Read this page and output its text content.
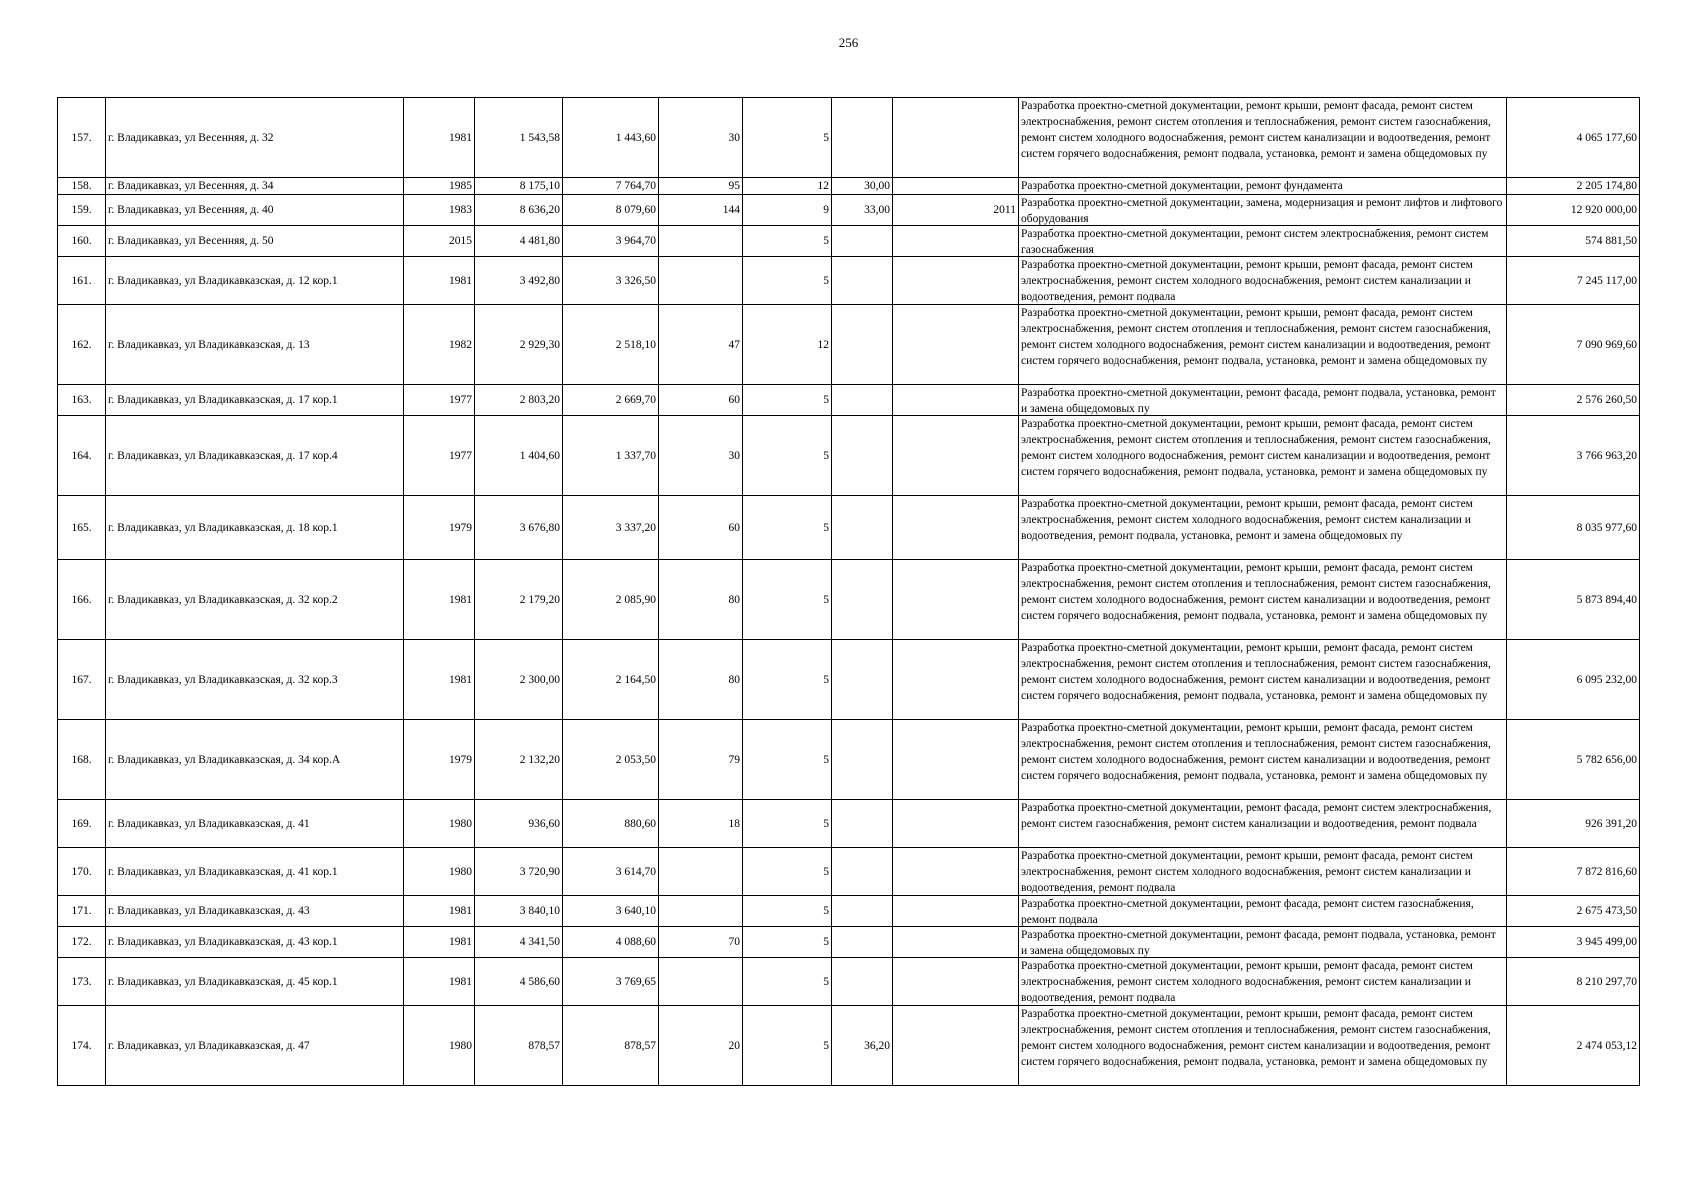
256
157.	г. Владикавказ, ул Весенняя, д. 32	1981	1 543,58	1 443,60	30	5			Разработка проектно-сметной документации, ремонт крыши, ремонт фасада, ремонт систем электроснабжения, ремонт систем отопления и теплоснабжения, ремонт систем газоснабжения, ремонт систем холодного водоснабжения, ремонт систем канализации и водоотведения, ремонт систем горячего водоснабжения, ремонт подвала, установка, ремонт и замена общедомовых пу	4 065 177,60
158.	г. Владикавказ, ул Весенняя, д. 34	1985	8 175,10	7 764,70	95	12	30,00		Разработка проектно-сметной документации, ремонт фундамента	2 205 174,80
159.	г. Владикавказ, ул Весенняя, д. 40	1983	8 636,20	8 079,60	144	9	33,00	2011	Разработка проектно-сметной документации, замена, модернизация и ремонт лифтов и лифтового оборудования	12 920 000,00
160.	г. Владикавказ, ул Весенняя, д. 50	2015	4 481,80	3 964,70		5			Разработка проектно-сметной документации, ремонт систем электроснабжения, ремонт систем газоснабжения	574 881,50
161.	г. Владикавказ, ул Владикавказская, д. 12 кор.1	1981	3 492,80	3 326,50		5			Разработка проектно-сметной документации, ремонт крыши, ремонт фасада, ремонт систем электроснабжения, ремонт систем холодного водоснабжения, ремонт систем канализации и водоотведения, ремонт подвала	7 245 117,00
162.	г. Владикавказ, ул Владикавказская, д. 13	1982	2 929,30	2 518,10	47	12			Разработка проектно-сметной документации, ремонт крыши, ремонт фасада, ремонт систем электроснабжения, ремонт систем отопления и теплоснабжения, ремонт систем газоснабжения, ремонт систем холодного водоснабжения, ремонт систем канализации и водоотведения, ремонт систем горячего водоснабжения, ремонт подвала, установка, ремонт и замена общедомовых пу	7 090 969,60
163.	г. Владикавказ, ул Владикавказская, д. 17 кор.1	1977	2 803,20	2 669,70	60	5			Разработка проектно-сметной документации, ремонт фасада, ремонт подвала, установка, ремонт и замена общедомовых пу	2 576 260,50
164.	г. Владикавказ, ул Владикавказская, д. 17 кор.4	1977	1 404,60	1 337,70	30	5			Разработка проектно-сметной документации, ремонт крыши, ремонт фасада, ремонт систем электроснабжения, ремонт систем отопления и теплоснабжения, ремонт систем газоснабжения, ремонт систем холодного водоснабжения, ремонт систем канализации и водоотведения, ремонт систем горячего водоснабжения, ремонт подвала, установка, ремонт и замена общедомовых пу	3 766 963,20
165.	г. Владикавказ, ул Владикавказская, д. 18 кор.1	1979	3 676,80	3 337,20	60	5			Разработка проектно-сметной документации, ремонт крыши, ремонт фасада, ремонт систем электроснабжения, ремонт систем холодного водоснабжения, ремонт систем канализации и водоотведения, ремонт подвала, установка, ремонт и замена общедомовых пу	8 035 977,60
166.	г. Владикавказ, ул Владикавказская, д. 32 кор.2	1981	2 179,20	2 085,90	80	5			Разработка проектно-сметной документации, ремонт крыши, ремонт фасада, ремонт систем электроснабжения, ремонт систем отопления и теплоснабжения, ремонт систем газоснабжения, ремонт систем холодного водоснабжения, ремонт систем канализации и водоотведения, ремонт систем горячего водоснабжения, ремонт подвала, установка, ремонт и замена общедомовых пу	5 873 894,40
167.	г. Владикавказ, ул Владикавказская, д. 32 кор.3	1981	2 300,00	2 164,50	80	5			Разработка проектно-сметной документации, ремонт крыши, ремонт фасада, ремонт систем электроснабжения, ремонт систем отопления и теплоснабжения, ремонт систем газоснабжения, ремонт систем холодного водоснабжения, ремонт систем канализации и водоотведения, ремонт систем горячего водоснабжения, ремонт подвала, установка, ремонт и замена общедомовых пу	6 095 232,00
168.	г. Владикавказ, ул Владикавказская, д. 34 кор.А	1979	2 132,20	2 053,50	79	5			Разработка проектно-сметной документации, ремонт крыши, ремонт фасада, ремонт систем электроснабжения, ремонт систем отопления и теплоснабжения, ремонт систем газоснабжения, ремонт систем холодного водоснабжения, ремонт систем канализации и водоотведения, ремонт систем горячего водоснабжения, ремонт подвала, установка, ремонт и замена общедомовых пу	5 782 656,00
169.	г. Владикавказ, ул Владикавказская, д. 41	1980	936,60	880,60	18	5			Разработка проектно-сметной документации, ремонт фасада, ремонт систем электроснабжения, ремонт систем газоснабжения, ремонт систем канализации и водоотведения, ремонт подвала	926 391,20
170.	г. Владикавказ, ул Владикавказская, д. 41 кор.1	1980	3 720,90	3 614,70		5			Разработка проектно-сметной документации, ремонт крыши, ремонт фасада, ремонт систем электроснабжения, ремонт систем холодного водоснабжения, ремонт систем канализации и водоотведения, ремонт подвала	7 872 816,60
171.	г. Владикавказ, ул Владикавказская, д. 43	1981	3 840,10	3 640,10		5			Разработка проектно-сметной документации, ремонт фасада, ремонт систем газоснабжения, ремонт подвала	2 675 473,50
172.	г. Владикавказ, ул Владикавказская, д. 43 кор.1	1981	4 341,50	4 088,60	70	5			Разработка проектно-сметной документации, ремонт фасада, ремонт подвала, установка, ремонт и замена общедомовых пу	3 945 499,00
173.	г. Владикавказ, ул Владикавказская, д. 45 кор.1	1981	4 586,60	3 769,65		5			Разработка проектно-сметной документации, ремонт крыши, ремонт фасада, ремонт систем электроснабжения, ремонт систем холодного водоснабжения, ремонт систем канализации и водоотведения, ремонт подвала	8 210 297,70
174.	г. Владикавказ, ул Владикавказская, д. 47	1980	878,57	878,57	20	5	36,20		Разработка проектно-сметной документации, ремонт крыши, ремонт фасада, ремонт систем электроснабжения, ремонт систем отопления и теплоснабжения, ремонт систем газоснабжения, ремонт систем холодного водоснабжения, ремонт систем канализации и водоотведения, ремонт систем горячего водоснабжения, ремонт подвала, установка, ремонт и замена общедомовых пу	2 474 053,12
